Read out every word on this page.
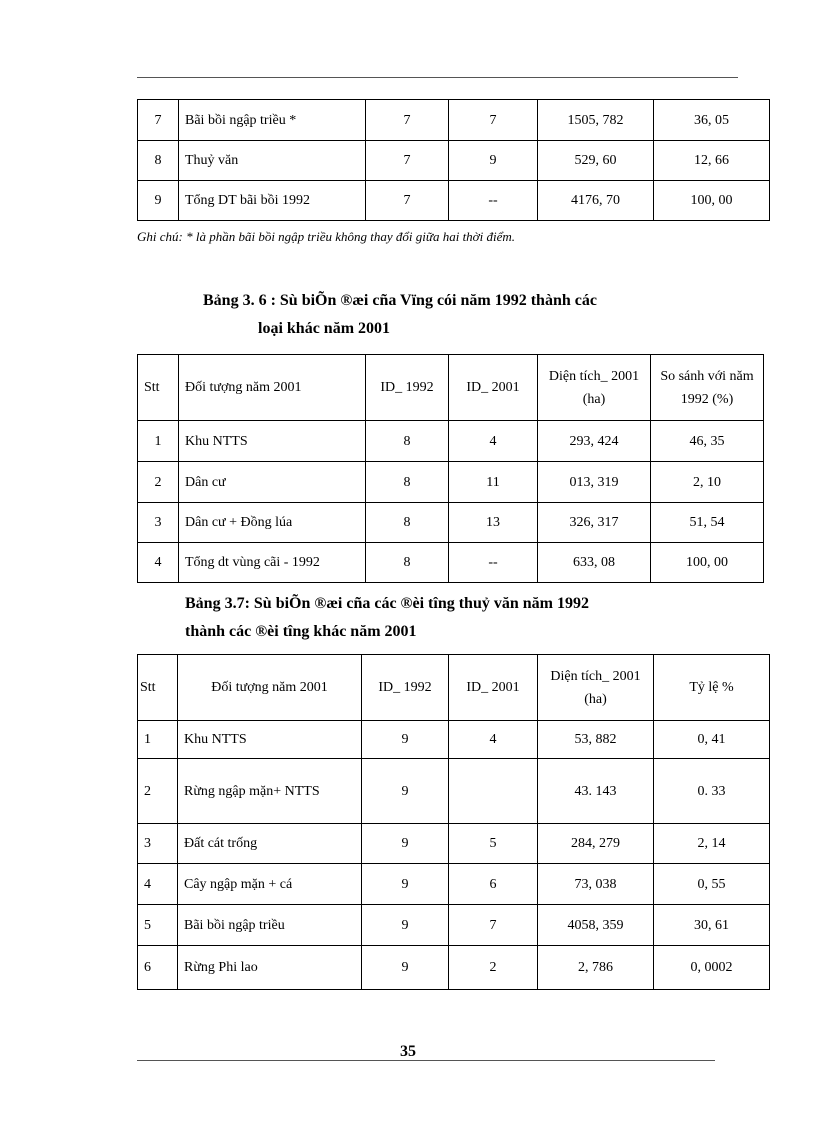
7	Bãi bồi ngập triều *	7	7	1505, 782	36, 05
8	Thuỷ văn	7	9	529, 60	12, 66
9	Tổng DT bãi bồi 1992	7	--	4176, 70	100, 00
Ghi chú: * là phần bãi bồi ngập triều không thay đổi giữa hai thời điểm.
Bảng 3. 6 : Sù biÕn ®æi cña Vïng cói năm 1992 thành các
loại khác năm 2001
Stt	Đối tượng năm 2001	ID_ 1992	ID_ 2001	Diện tích_ 2001 (ha)	So sánh với năm 1992 (%)
1	Khu NTTS	8	4	293, 424	46, 35
2	Dân cư	8	11	013, 319	2, 10
3	Dân cư + Đồng lúa	8	13	326, 317	51, 54
4	Tổng dt vùng cãi - 1992	8	--	633, 08	100, 00
Bảng 3.7: Sù biÕn ®æi cña các ®èi tîng thuỷ văn năm 1992
thành các ®èi tîng khác năm 2001
Stt	Đối tượng năm 2001	ID_ 1992	ID_ 2001	Diện tích_ 2001 (ha)	Tỷ lệ %
1	Khu NTTS	9	4	53, 882	0, 41
2	Rừng ngập mặn+ NTTS	9		43. 143	0. 33
3	Đất cát trống	9	5	284, 279	2, 14
4	Cây ngập mặn + cá	9	6	73, 038	0, 55
5	Bãi bồi ngập triều	9	7	4058, 359	30, 61
6	Rừng Phi lao	9	2	2, 786	0, 0002
35
